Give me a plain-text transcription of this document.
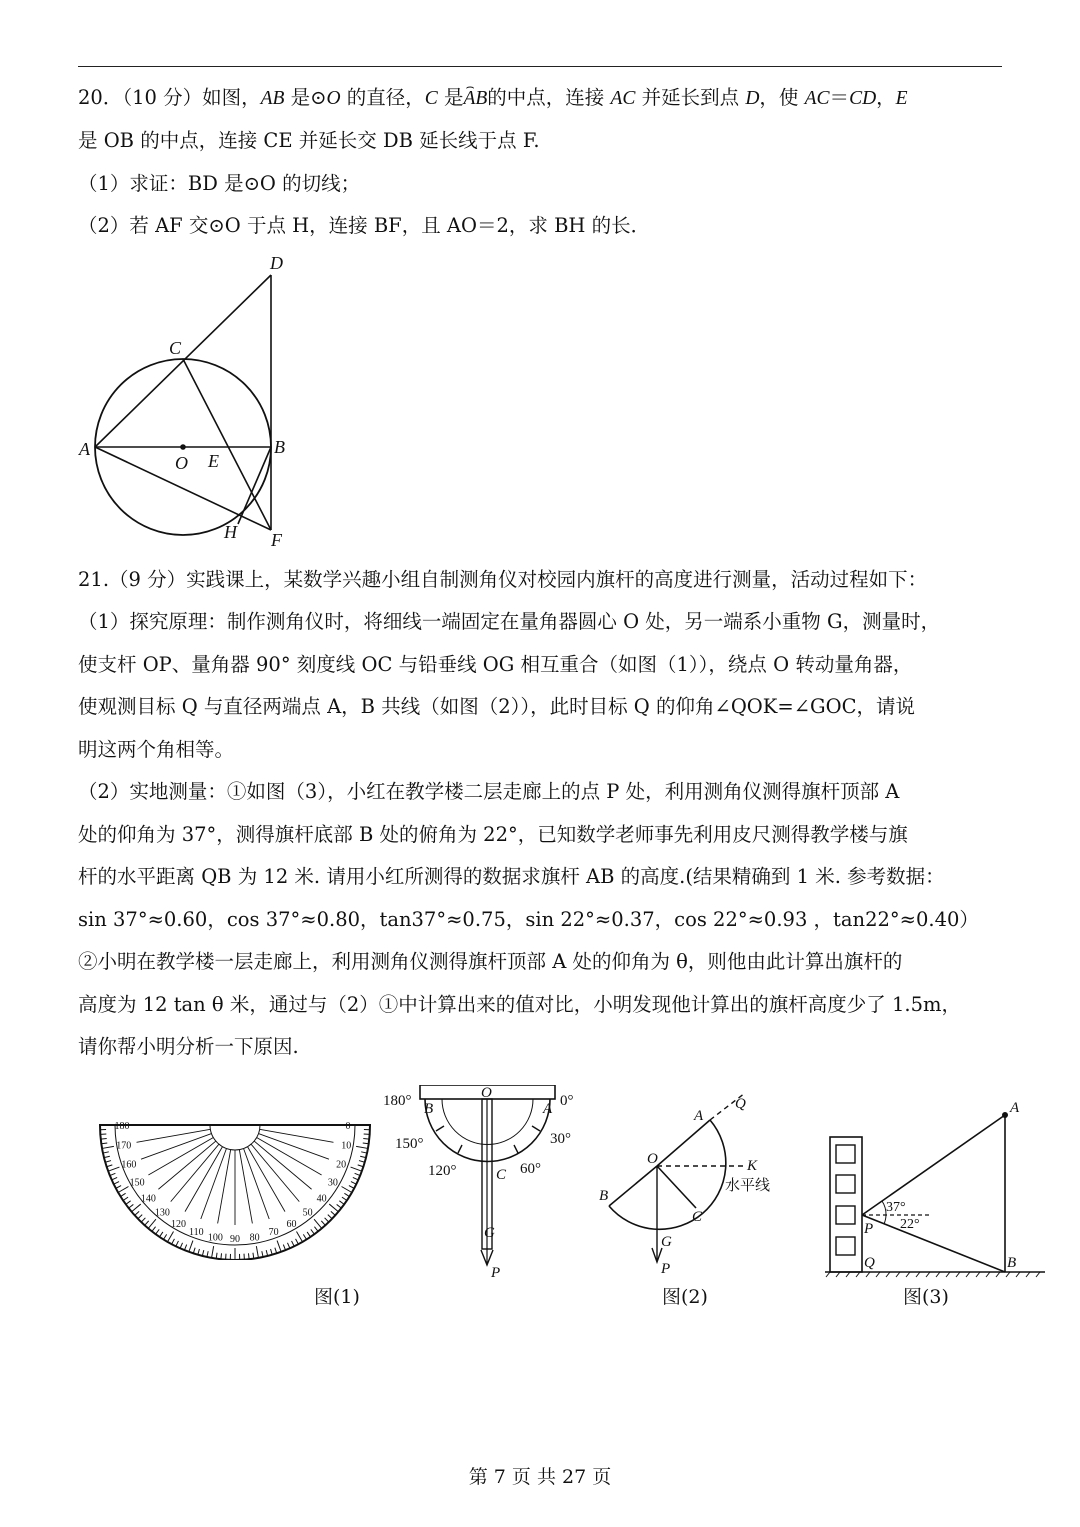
20．（10 分）如图，AB 是⊙O 的直径，C 是⌢ AB的中点，连接 AC 并延长到点 D，使 AC＝CD，E
是 OB 的中点，连接 CE 并延长交 DB 延长线于点 F.
（1）求证：BD 是⊙O 的切线；
（2）若 AF 交⊙O 于点 H，连接 BF，且 AO＝2，求 BH 的长．
D
C
A
O E
B
H F
21.（9 分）实践课上，某数学兴趣小组自制测角仪对校园内旗杆的高度进行测量，活动过程如下：
（1）探究原理：制作测角仪时，将细线一端固定在量角器圆心 O 处，另一端系小重物 G，测量时，
使支杆 OP、量角器 90° 刻度线 OC 与铅垂线 OG 相互重合（如图（1）），绕点 O 转动量角器，
使观测目标 Q 与直径两端点 A，B 共线（如图（2）），此时目标 Q 的仰角∠QOK=∠GOC，请说
明这两个角相等。
（2）实地测量：①如图（3），小红在教学楼二层走廊上的点 P 处，利用测角仪测得旗杆顶部 A
处的仰角为 37°，测得旗杆底部 B 处的俯角为 22°，已知数学老师事先利用皮尺测得教学楼与旗
杆的水平距离 QB 为 12 米. 请用小红所测得的数据求旗杆 AB 的高度.(结果精确到 1 米. 参考数据：
sin 37°≈0.60，cos 37°≈0.80，tan37°≈0.75，sin 22°≈0.37，cos 22°≈0.93 ，tan22°≈0.40）
②小明在教学楼一层走廊上，利用测角仪测得旗杆顶部 A 处的仰角为 θ，则他由此计算出旗杆的
高度为 12 tan θ 米，通过与（2）①中计算出来的值对比，小明发现他计算出的旗杆高度少了 1.5m，
请你帮小明分析一下原因.
180
170
160
150
140
130
120
110 100 90 80 70
60
50
40
30
20
10
0
图(1)
180°	0°
150°	30°
120°	60°
O
B	A
C
G
P
Q
A
O	K
水平线
B
C
G
P
图(2)
37°
22°
A
P
Q	B
图(3)
第 7 页 共 27 页
